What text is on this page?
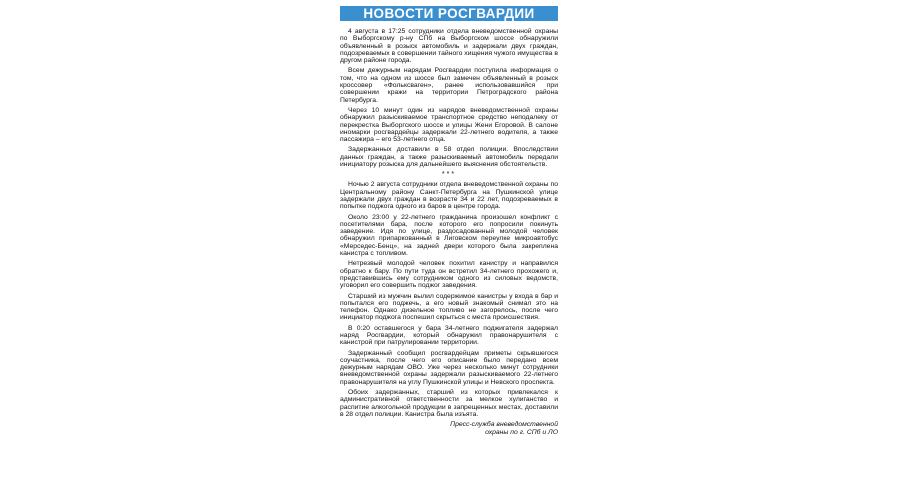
НОВОСТИ РОСГВАРДИИ

4 августа в 17:25 сотрудники отдела вневедомственной охраны по Выборгскому р-ну СПб на Выборгском шоссе обнаружили объявленный в розыск автомобиль и задержали двух граждан, подозреваемых в совершении тайного хищения чужого имущества в другом районе города.

Всем дежурным нарядам Росгвардии поступила информация о том, что на одном из шоссе был замечен объявленный в розыск кроссовер «Фольксваген», ранее использовавшийся при совершении кражи на территории Петроградского района Петербурга.

Через 10 минут один из нарядов вневедомственной охраны обнаружил разыскиваемое транспортное средство неподалеку от перекрестка Выборгского шоссе и улицы Жени Егоровой. В салоне иномарки росгвардейцы задержали 22-летнего водителя, а также пассажира – его 53-летнего отца.

Задержанных доставили в 58 отдел полиции. Впоследствии данных граждан, а также разыскиваемый автомобиль передали инициатору розыска для дальнейшего выяснения обстоятельств.

***

Ночью 2 августа сотрудники отдела вневедомственной охраны по Центральному району Санкт-Петербурга на Пушкинской улице задержали двух граждан в возрасте 34 и 22 лет, подозреваемых в попытке поджога одного из баров в центре города.

Около 23:00 у 22-летнего гражданина произошел конфликт с посетителями бара, после которого его попросили покинуть заведение. Идя по улице, раздосадованный молодой человек обнаружил припаркованный в Лиговском переулке микроавтобус «Мерседес-Бенц», на задней двери которого была закреплена канистра с топливом.

Нетрезвый молодой человек похитил канистру и направился обратно к бару. По пути туда он встретил 34-летнего прохожего и, представившись ему сотрудником одного из силовых ведомств, уговорил его совершить поджог заведения.

Старший из мужчин вылил содержимое канистры у входа в бар и попытался его поджечь, а его новый знакомый снимал это на телефон. Однако дизельное топливо не загорелось, после чего инициатор поджога поспешил скрыться с места происшествия.

В 0:20 оставшегося у бара 34-летнего поджигателя задержал наряд Росгвардии, который обнаружил правонарушителя с канистрой при патрулировании территории.

Задержанный сообщил росгвардейцам приметы скрывшегося соучастника, после чего его описание было передано всем дежурным нарядам ОВО. Уже через несколько минут сотрудники вневедомственной охраны задержали разыскиваемого 22-летнего правонарушителя на углу Пушкинской улицы и Невского проспекта.

Обоих задержанных, старший из которых привлекался к административной ответственности за мелкое хулиганство и распитие алкогольной продукции в запрещенных местах, доставили в 28 отдел полиции. Канистра была изъята.

Пресс-служба вневедомственной
охраны по г. СПб и ЛО
